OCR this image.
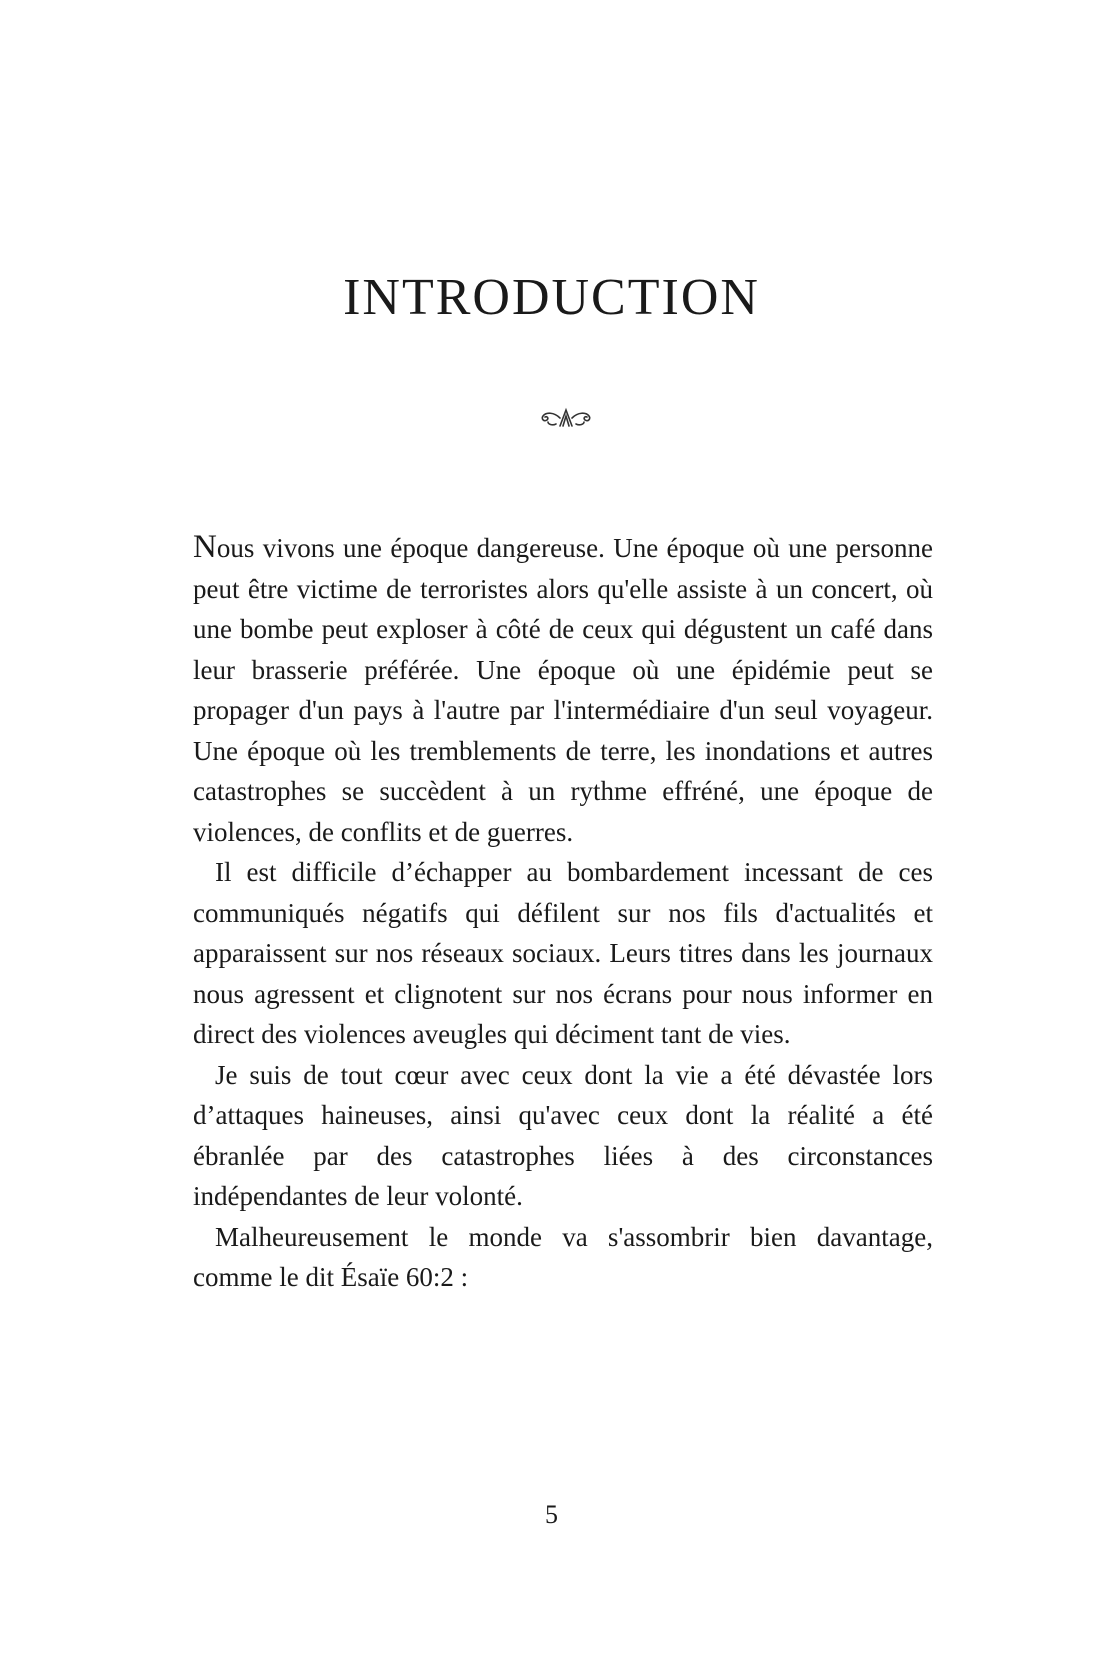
INTRODUCTION

Nous vivons une époque dangereuse. Une époque où une personne peut être victime de terroristes alors qu'elle assiste à un concert, où une bombe peut exploser à côté de ceux qui dégustent un café dans leur brasserie préférée. Une époque où une épidémie peut se propager d'un pays à l'autre par l'intermédiaire d'un seul voyageur. Une époque où les tremblements de terre, les inondations et autres catastrophes se succèdent à un rythme effréné, une époque de violences, de conflits et de guerres.

Il est difficile d’échapper au bombardement incessant de ces communiqués négatifs qui défilent sur nos fils d'actualités et apparaissent sur nos réseaux sociaux. Leurs titres dans les journaux nous agressent et clignotent sur nos écrans pour nous informer en direct des violences aveugles qui déciment tant de vies.

Je suis de tout cœur avec ceux dont la vie a été dévastée lors d’attaques haineuses, ainsi qu'avec ceux dont la réalité a été ébranlée par des catastrophes liées à des circonstances indépendantes de leur volonté.

Malheureusement le monde va s'assombrir bien davantage, comme le dit Ésaïe 60:2 :

5
